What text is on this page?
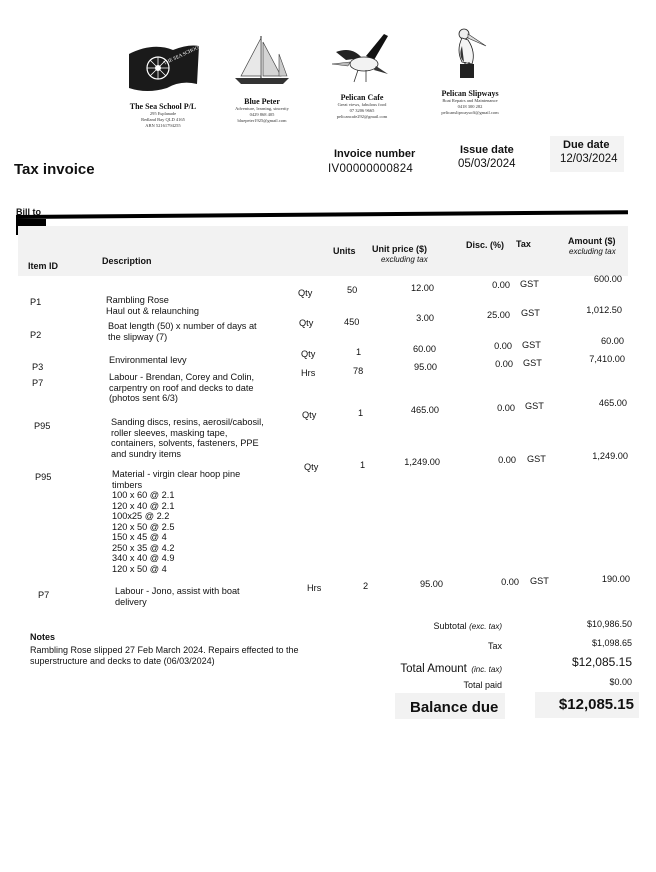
THE SEA SCHOOL
The Sea School P/L
295 Esplanade
Redland Bay QLD 4165
ABN 52161794255
Blue Peter
Adventure, learning, sincerity
0429 868 405
bluepeter1925@gmail.com
Pelican Cafe
Great views, fabulous food
07 3206 9665
pelicancafe292@gmail.com
Pelican Slipways
Boat Repairs and Maintenance
0418 300 282
pelicanslipwaysoff@gmail.com
Tax invoice
Invoice number
IV00000000824
Issue date
05/03/2024
Due date
12/03/2024
Bill to
Item ID	Description
Units Unit price ($)
excluding tax
Disc. (%) Tax	Amount ($)
excluding tax
P1	Rambling Rose
Haul out & relaunching
Qty	50	12.00	0.00 GST	600.00
P2
Boat length (50) x number of days at
the slipway (7)
Qty	450	3.00	25.00 GST	1,012.50
P3
Environmental levy
Qty	1	60.00	0.00 GST	60.00
P7
Labour - Brendan, Corey and Colin,
carpentry on roof and decks to date
(photos sent 6/3)
Hrs	78	95.00	0.00 GST	7,410.00
P95	Sanding discs, resins, aerosil/cabosil,
roller sleeves, masking tape,
containers, solvents, fasteners, PPE
and sundry items
Qty	1	465.00	0.00 GST	465.00
P95	Material - virgin clear hoop pine
timbers
100 x 60 @ 2.1
120 x 40 @ 2.1
100x25 @ 2.2
120 x 50 @ 2.5
150 x 45 @ 4
250 x 35 @ 4.2
340 x 40 @ 4.9
120 x 50 @ 4
Qty	1	1,249.00	0.00 GST	1,249.00
P7	Labour - Jono, assist with boat
delivery
Hrs	2	95.00	0.00 GST	190.00
Notes
Rambling Rose slipped 27 Feb March 2024. Repairs effected to the
superstructure and decks to date (06/03/2024)
Subtotal (exc. tax)	$10,986.50
Tax	$1,098.65
Total Amount (inc. tax)
$12,085.15
Total paid	$0.00
Balance due	$12,085.15
